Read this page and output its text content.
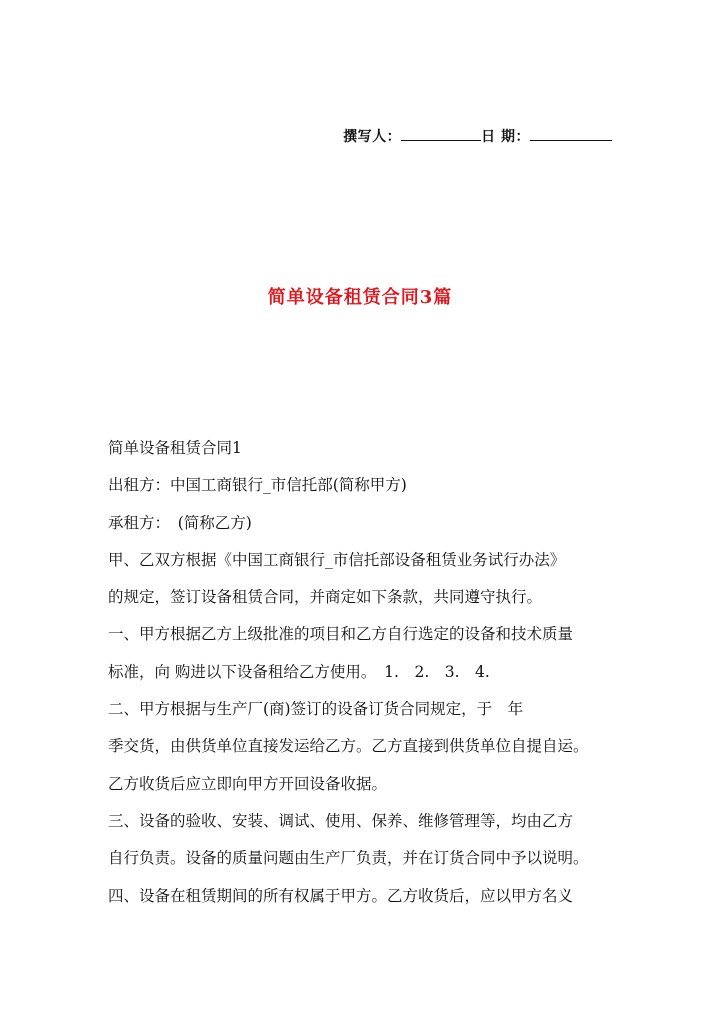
撰写人：	日 期：
简单设备租赁合同3篇
简单设备租赁合同1
出租方：中国工商银行_市信托部(简称甲方)
承租方：　(简称乙方)
甲、乙双方根据《中国工商银行_市信托部设备租赁业务试行办法》
的规定，签订设备租赁合同，并商定如下条款，共同遵守执行。
一、甲方根据乙方上级批准的项目和乙方自行选定的设备和技术质量
标准，向 购进以下设备租给乙方使用。　1.　2.　3.　4.
二、甲方根据与生产厂(商)签订的设备订货合同规定，于　年
季交货，由供货单位直接发运给乙方。乙方直接到供货单位自提自运。
乙方收货后应立即向甲方开回设备收据。
三、设备的验收、安装、调试、使用、保养、维修管理等，均由乙方
自行负责。设备的质量问题由生产厂负责，并在订货合同中予以说明。
四、设备在租赁期间的所有权属于甲方。乙方收货后，应以甲方名义
